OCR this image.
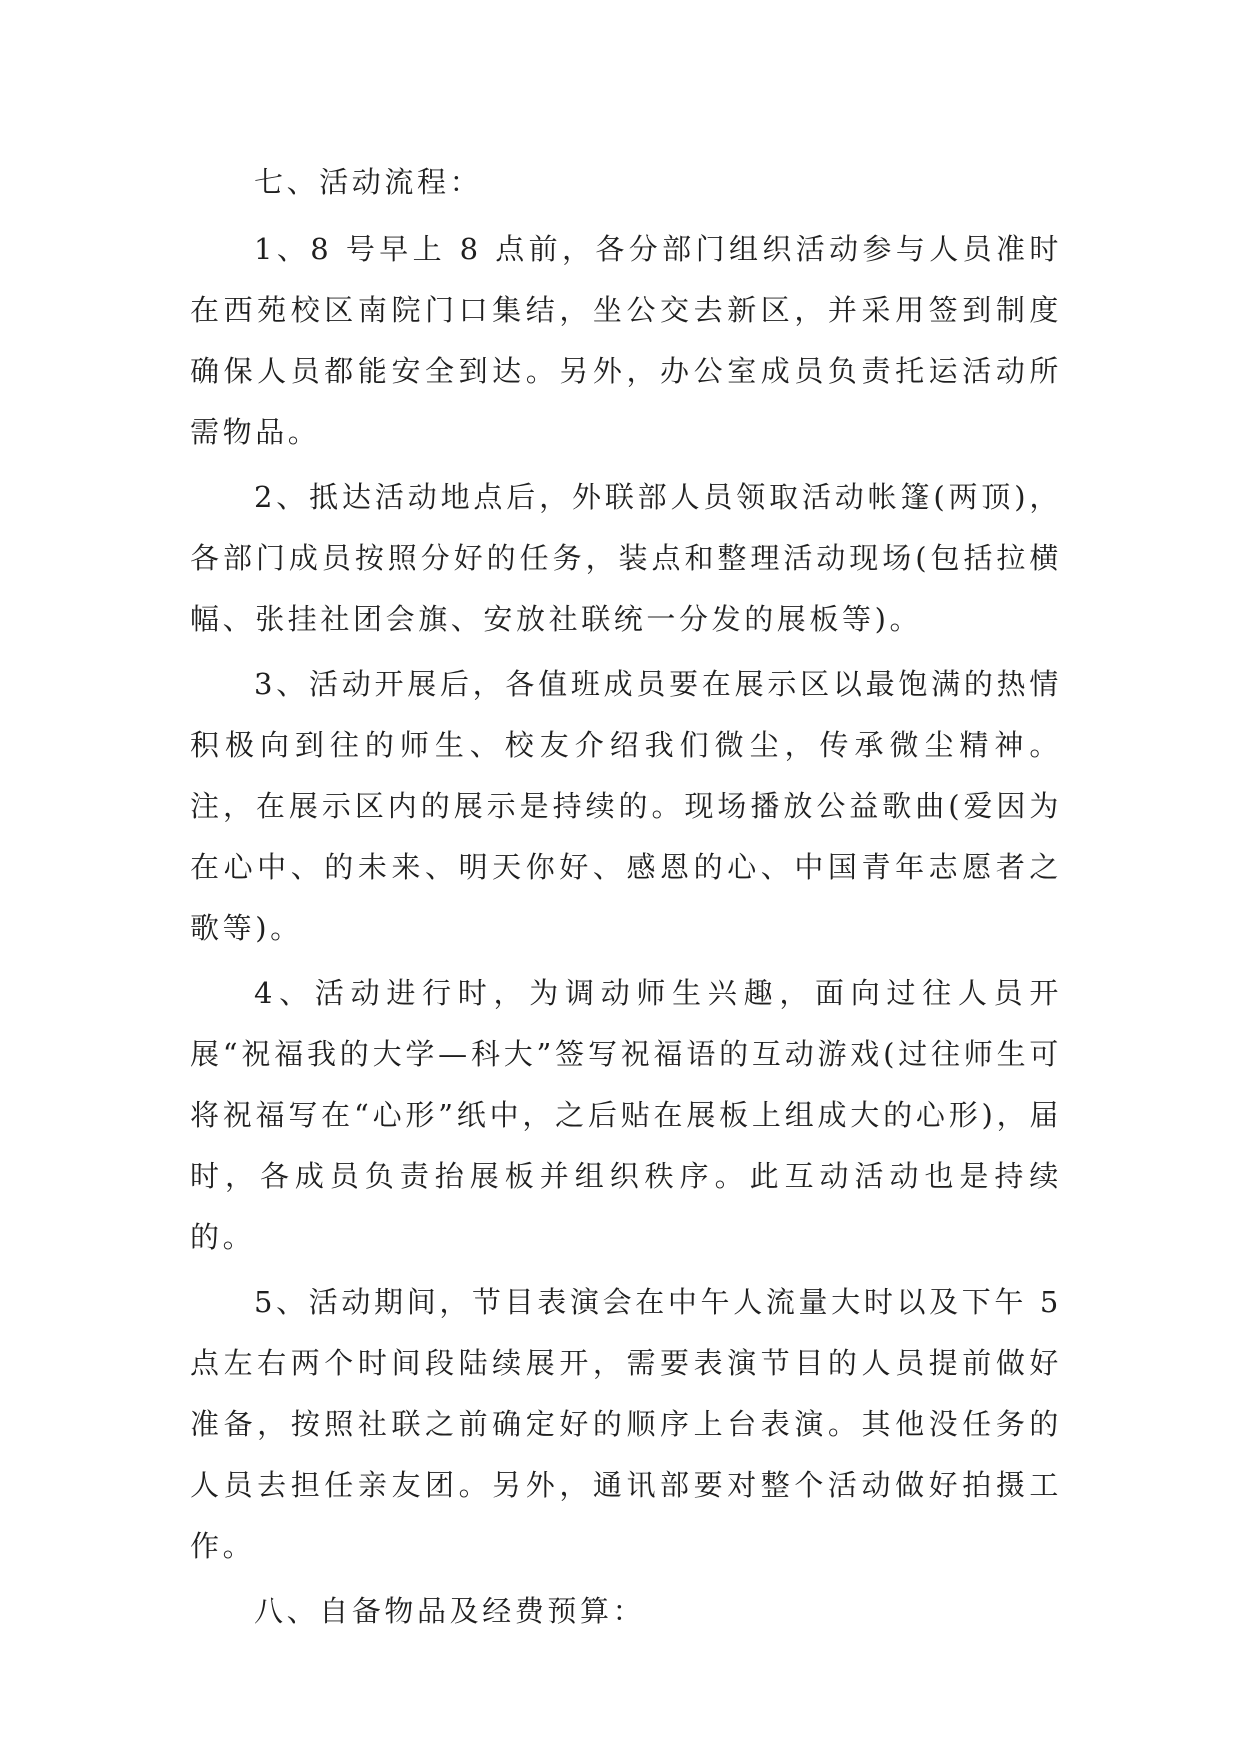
七、活动流程：

1、8 号早上 8 点前，各分部门组织活动参与人员准时在西苑校区南院门口集结，坐公交去新区，并采用签到制度确保人员都能安全到达。另外，办公室成员负责托运活动所需物品。

2、抵达活动地点后，外联部人员领取活动帐篷(两顶)，各部门成员按照分好的任务，装点和整理活动现场(包括拉横幅、张挂社团会旗、安放社联统一分发的展板等)。

3、活动开展后，各值班成员要在展示区以最饱满的热情积极向到往的师生、校友介绍我们微尘，传承微尘精神。注，在展示区内的展示是持续的。现场播放公益歌曲(爱因为在心中、的未来、明天你好、感恩的心、中国青年志愿者之歌等)。

4、活动进行时，为调动师生兴趣，面向过往人员开展“祝福我的大学—科大”签写祝福语的互动游戏(过往师生可将祝福写在“心形”纸中，之后贴在展板上组成大的心形)，届时，各成员负责抬展板并组织秩序。此互动活动也是持续的。

5、活动期间，节目表演会在中午人流量大时以及下午 5点左右两个时间段陆续展开，需要表演节目的人员提前做好准备，按照社联之前确定好的顺序上台表演。其他没任务的人员去担任亲友团。另外，通讯部要对整个活动做好拍摄工作。

八、自备物品及经费预算：
